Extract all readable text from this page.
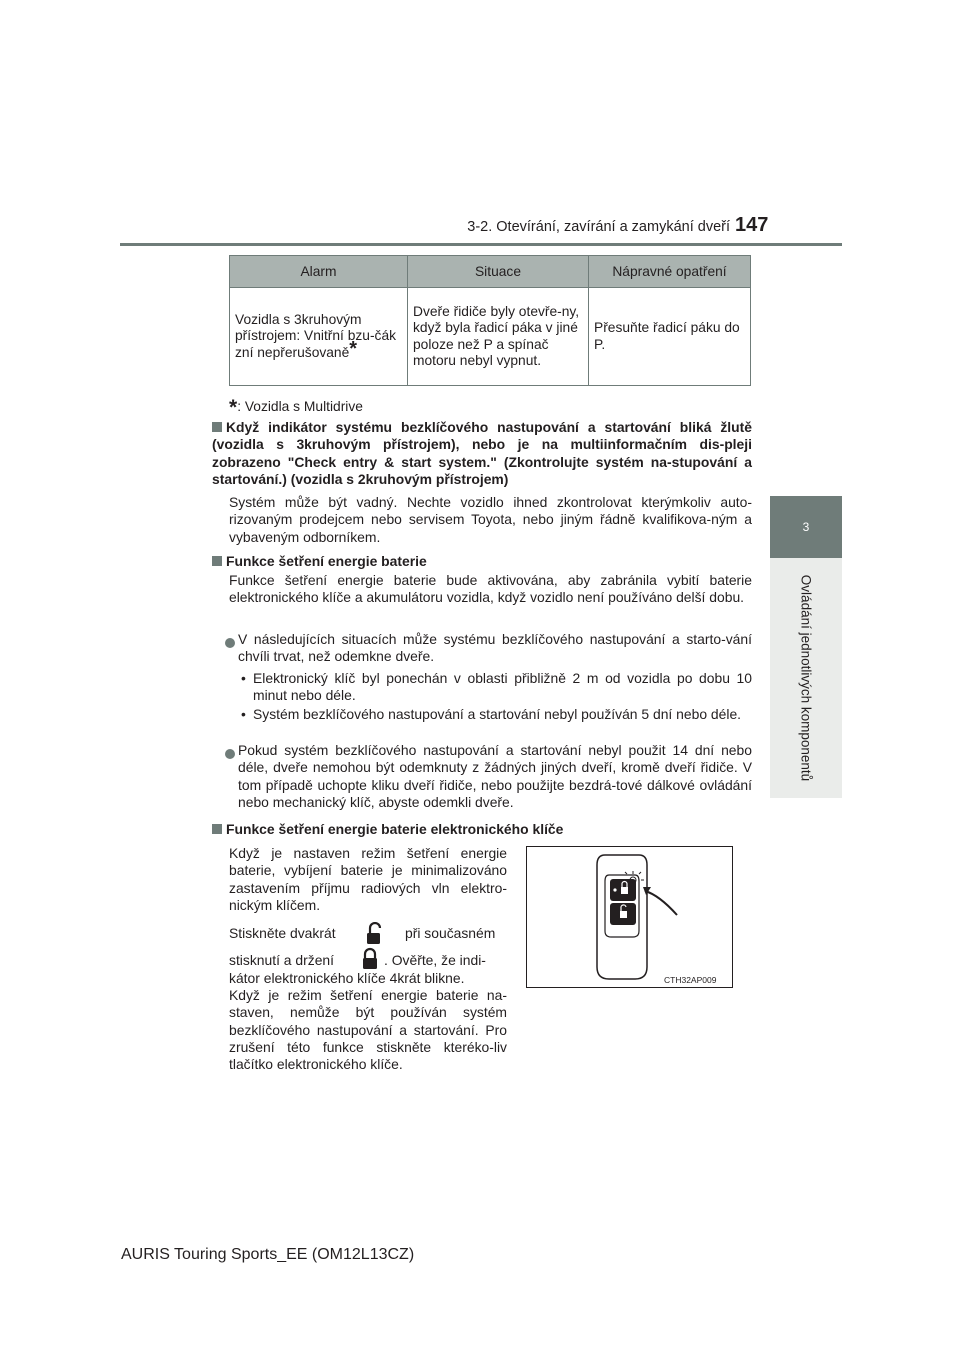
3-2. Otevírání, zavírání a zamykání dveří 147
3
Ovládání jednotlivých komponentů
Alarm	Situace	Nápravné opatření
Vozidla s 3kruhovým přístrojem: Vnitřní bzu-čák zní nepřerušovaně*	Dveře řidiče byly otevře-ny, když byla řadicí páka v jiné poloze než P a spínač motoru nebyl vypnut.	Přesuňte řadicí páku do P.
*: Vozidla s Multidrive
Když indikátor systému bezklíčového nastupování a startování bliká žlutě (vozidla s 3kruhovým přístrojem), nebo je na multiinformačním dis-pleji zobrazeno "Check entry & start system." (Zkontrolujte systém na-stupování a startování.) (vozidla s 2kruhovým přístrojem)
Systém může být vadný. Nechte vozidlo ihned zkontrolovat kterýmkoliv auto-rizovaným prodejcem nebo servisem Toyota, nebo jiným řádně kvalifikova-ným a vybaveným odborníkem.
Funkce šetření energie baterie
Funkce šetření energie baterie bude aktivována, aby zabránila vybití baterie elektronického klíče a akumulátoru vozidla, když vozidlo není používáno delší dobu.
V následujících situacích může systému bezklíčového nastupování a starto-vání chvíli trvat, než odemkne dveře.
• Elektronický klíč byl ponechán v oblasti přibližně 2 m od vozidla po dobu 10 minut nebo déle.
• Systém bezklíčového nastupování a startování nebyl používán 5 dní nebo déle.
Pokud systém bezklíčového nastupování a startování nebyl použit 14 dní nebo déle, dveře nemohou být odemknuty z žádných jiných dveří, kromě dveří řidiče. V tom případě uchopte kliku dveří řidiče, nebo použijte bezdrá-tové dálkové ovládání nebo mechanický klíč, abyste odemkli dveře.
Funkce šetření energie baterie elektronického klíče
Když je nastaven režim šetření energie baterie, vybíjení baterie je minimalizováno zastavením příjmu radiových vln elektro-nickým klíčem.
Stiskněte dvakrát	při současném
stisknutí a držení	. Ověřte, že indi-
kátor elektronického klíče 4krát blikne.
Když je režim šetření energie baterie na-staven, nemůže být používán systém bezklíčového nastupování a startování. Pro zrušení této funkce stiskněte kteréko-liv tlačítko elektronického klíče.
CTH32AP009
AURIS Touring Sports_EE (OM12L13CZ)
